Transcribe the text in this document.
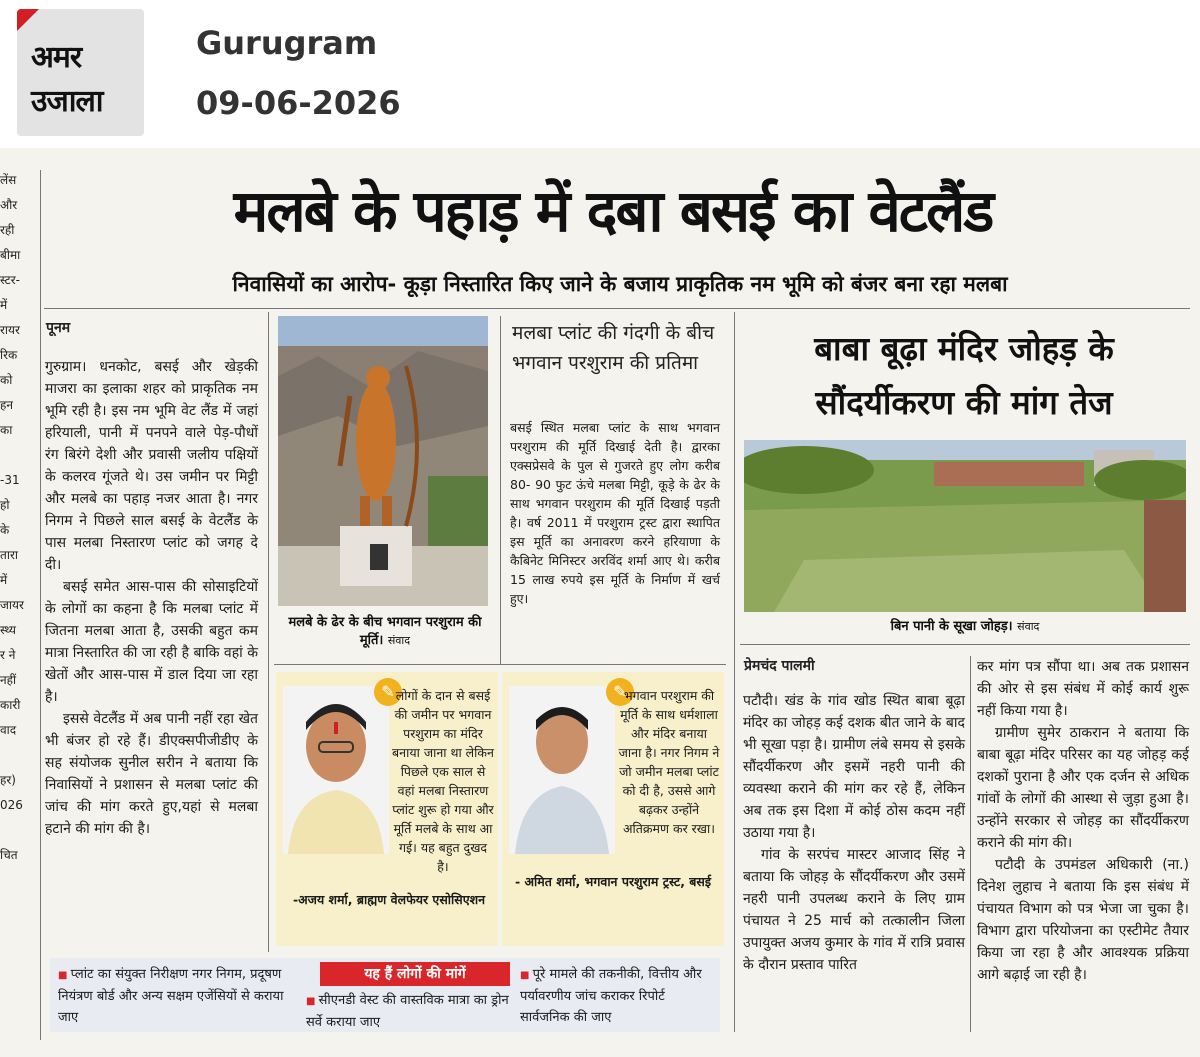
अमर
उजाला
Gurugram
09-06-2026
लेंस
और
रही
बीमा
स्टर-
में
रायर
रिक
को
हन
का

-31
हो
के
तारा
में
जायर
स्थ्य
र ने
नहीं
कारी
वाद

हर)
026

चित
मलबे के पहाड़ में दबा बसई का वेटलैंड
निवासियों का आरोप- कूड़ा निस्तारित किए जाने के बजाय प्राकृतिक नम भूमि को बंजर बना रहा मलबा
पूनम

गुरुग्राम। धनकोट, बसई और खेड़की माजरा का इलाका शहर को प्राकृतिक नम भूमि रही है। इस नम भूमि वेट लैंड में जहां हरियाली, पानी में पनपने वाले पेड़-पौधों रंग बिरंगे देशी और प्रवासी जलीय पक्षियों के कलरव गूंजते थे। उस जमीन पर मिट्टी और मलबे का पहाड़ नजर आता है। नगर निगम ने पिछले साल बसई के वेटलैंड के पास मलबा निस्तारण प्लांट को जगह दे दी।

बसई समेत आस-पास की सोसाइटियों के लोगों का कहना है कि मलबा प्लांट में जितना मलबा आता है, उसकी बहुत कम मात्रा निस्तारित की जा रही है बाकि वहां के खेतों और आस-पास में डाल दिया जा रहा है।

इससे वेटलैंड में अब पानी नहीं रहा खेत भी बंजर हो रहे हैं। डीएक्सपीजीडीए के सह संयोजक सुनील सरीन ने बताया कि निवासियों ने प्रशासन से मलबा प्लांट की जांच की मांग करते हुए,यहां से मलबा हटाने की मांग की है।

मलबे के ढेर के बीच भगवान परशुराम की मूर्ति। संवाद
मलबा प्लांट की गंदगी के बीच भगवान परशुराम की प्रतिमा
बसई स्थित मलबा प्लांट के साथ भगवान परशुराम की मूर्ति दिखाई देती है। द्वारका एक्सप्रेसवे के पुल से गुजरते हुए लोग करीब 80- 90 फुट ऊंचे मलबा मिट्टी, कूड़े के ढेर के साथ भगवान परशुराम की मूर्ति दिखाई पड़ती है। वर्ष 2011 में परशुराम ट्रस्ट द्वारा स्थापित इस मूर्ति का अनावरण करने हरियाणा के कैबिनेट मिनिस्टर अरविंद शर्मा आए थे। करीब 15 लाख रुपये इस मूर्ति के निर्माण में खर्च हुए।
✎ लोगों के दान से बसई की जमीन पर भगवान परशुराम का मंदिर बनाया जाना था लेकिन पिछले एक साल से वहां मलबा निस्तारण प्लांट शुरू हो गया और मूर्ति मलबे के साथ आ गई। यह बहुत दुखद है।
-अजय शर्मा, ब्राह्मण वेलफेयर एसोसिएशन
✎
भगवान परशुराम की मूर्ति के साथ धर्मशाला और मंदिर बनाया जाना है। नगर निगम ने जो जमीन मलबा प्लांट को दी है, उससे आगे बढ़कर उन्होंने अतिक्रमण कर रखा।
- अमित शर्मा, भगवान परशुराम ट्रस्ट, बसई
यह हैं लोगों की मांगें
■ प्लांट का संयुक्त निरीक्षण नगर निगम, प्रदूषण नियंत्रण बोर्ड और अन्य सक्षम एजेंसियों से कराया जाए
■ सीएनडी वेस्ट की वास्तविक मात्रा का ड्रोन सर्वे कराया जाए
■ पूरे मामले की तकनीकी, वित्तीय और पर्यावरणीय जांच कराकर रिपोर्ट सार्वजनिक की जाए
बाबा बूढ़ा मंदिर जोहड़ के सौंदर्यीकरण की मांग तेज
बिन पानी के सूखा जोहड़। संवाद
प्रेमचंद पालमी

पटौदी। खंड के गांव खोड स्थित बाबा बूढ़ा मंदिर का जोहड़ कई दशक बीत जाने के बाद भी सूखा पड़ा है। ग्रामीण लंबे समय से इसके सौंदर्यीकरण और इसमें नहरी पानी की व्यवस्था कराने की मांग कर रहे हैं, लेकिन अब तक इस दिशा में कोई ठोस कदम नहीं उठाया गया है।

गांव के सरपंच मास्टर आजाद सिंह ने बताया कि जोहड़ के सौंदर्यीकरण और उसमें नहरी पानी उपलब्ध कराने के लिए ग्राम पंचायत ने 25 मार्च को तत्कालीन जिला उपायुक्त अजय कुमार के गांव में रात्रि प्रवास के दौरान प्रस्ताव पारित

कर मांग पत्र सौंपा था। अब तक प्रशासन की ओर से इस संबंध में कोई कार्य शुरू नहीं किया गया है।

ग्रामीण सुमेर ठाकरान ने बताया कि बाबा बूढ़ा मंदिर परिसर का यह जोहड़ कई दशकों पुराना है और एक दर्जन से अधिक गांवों के लोगों की आस्था से जुड़ा हुआ है। उन्होंने सरकार से जोहड़ का सौंदर्यीकरण कराने की मांग की।

पटौदी के उपमंडल अधिकारी (ना.) दिनेश लुहाच ने बताया कि इस संबंध में पंचायत विभाग को पत्र भेजा जा चुका है। विभाग द्वारा परियोजना का एस्टीमेट तैयार किया जा रहा है और आवश्यक प्रक्रिया आगे बढ़ाई जा रही है।
